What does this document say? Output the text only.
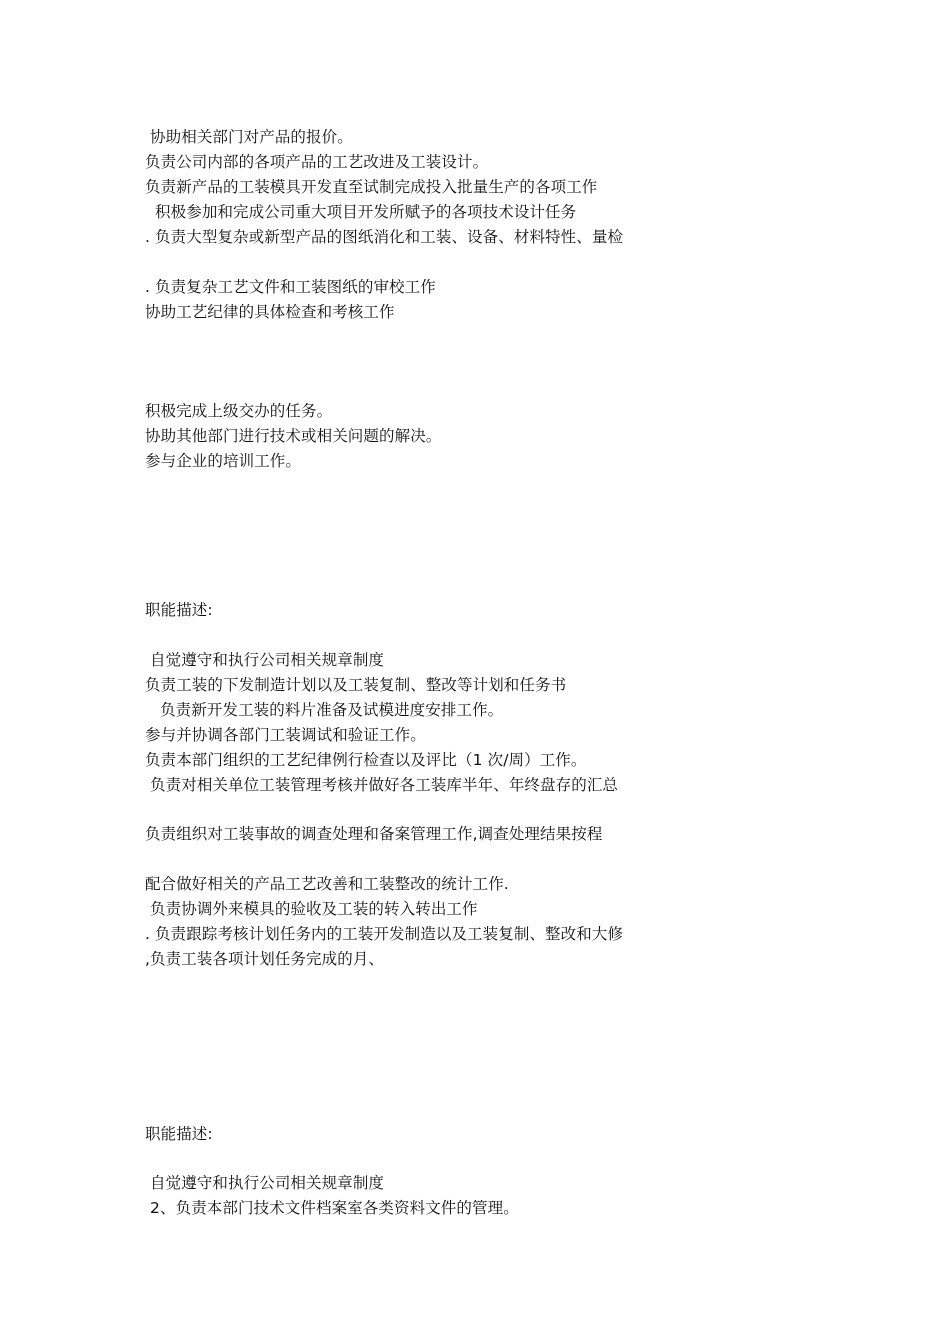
协助相关部门对产品的报价。
负责公司内部的各项产品的工艺改进及工装设计。
负责新产品的工装模具开发直至试制完成投入批量生产的各项工作
积极参加和完成公司重大项目开发所赋予的各项技术设计任务
. 负责大型复杂或新型产品的图纸消化和工装、设备、材料特性、量检
. 负责复杂工艺文件和工装图纸的审校工作
协助工艺纪律的具体检查和考核工作
积极完成上级交办的任务。
协助其他部门进行技术或相关问题的解决。
参与企业的培训工作。
职能描述:
自觉遵守和执行公司相关规章制度
负责工装的下发制造计划以及工装复制、整改等计划和任务书
负责新开发工装的料片准备及试模进度安排工作。
参与并协调各部门工装调试和验证工作。
负责本部门组织的工艺纪律例行检查以及评比（1 次/周）工作。
负责对相关单位工装管理考核并做好各工装库半年、年终盘存的汇总
负责组织对工装事故的调查处理和备案管理工作,调查处理结果按程
配合做好相关的产品工艺改善和工装整改的统计工作.
负责协调外来模具的验收及工装的转入转出工作
. 负责跟踪考核计划任务内的工装开发制造以及工装复制、整改和大修
,负责工装各项计划任务完成的月、
职能描述:
自觉遵守和执行公司相关规章制度
2、负责本部门技术文件档案室各类资料文件的管理。
